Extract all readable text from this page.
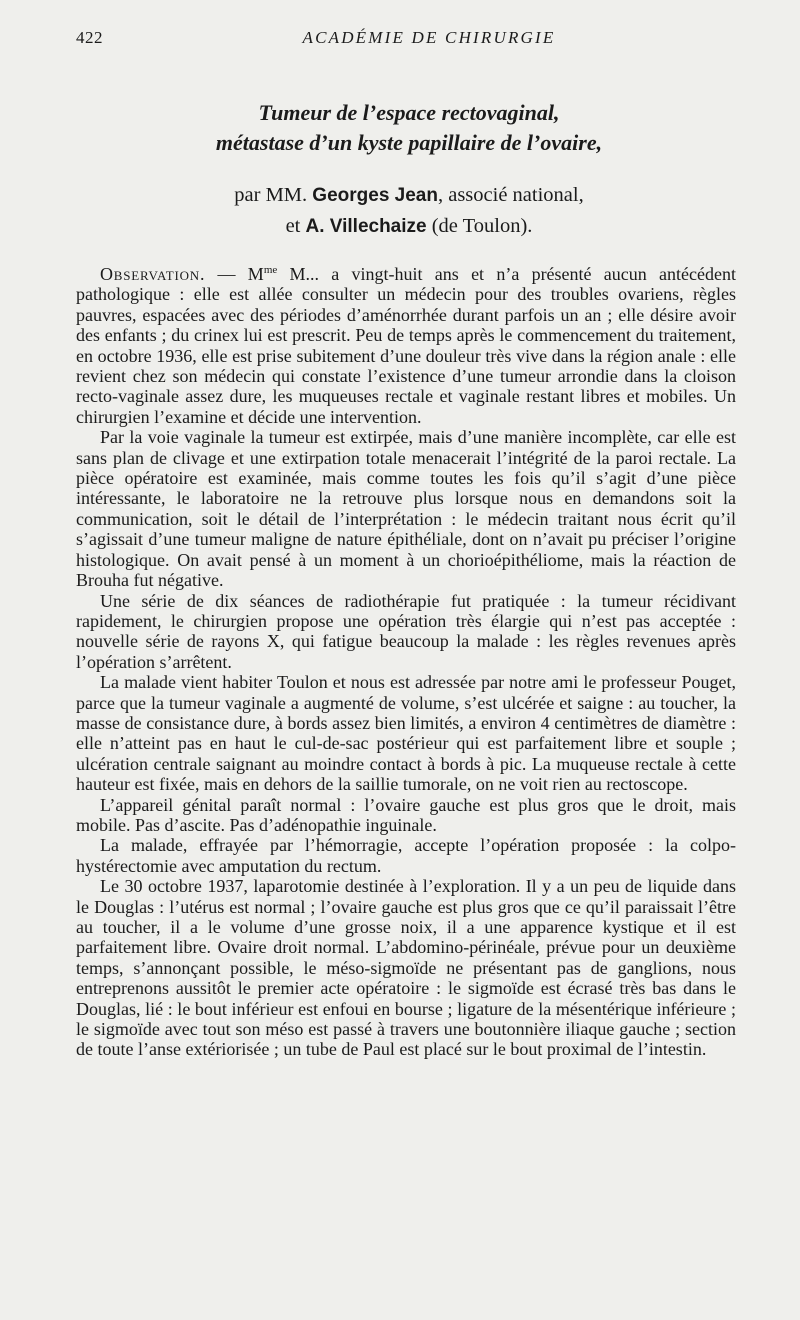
422	ACADÉMIE DE CHIRURGIE
Tumeur de l’espace rectovaginal,
métastase d’un kyste papillaire de l’ovaire,
par MM. Georges Jean, associé national,
et A. Villechaize (de Toulon).

Observation. — $M^{me}$ M... a vingt-huit ans et n’a présenté aucun antécédent pathologique : elle est allée consulter un médecin pour des troubles ovariens, règles pauvres, espacées avec des périodes d’aménorrhée durant parfois un an ; elle désire avoir des enfants ; du crinex lui est prescrit. Peu de temps après le commencement du traitement, en octobre 1936, elle est prise subitement d’une douleur très vive dans la région anale : elle revient chez son médecin qui constate l’existence d’une tumeur arrondie dans la cloison recto-vaginale assez dure, les muqueuses rectale et vaginale restant libres et mobiles. Un chirurgien l’examine et décide une intervention.

Par la voie vaginale la tumeur est extirpée, mais d’une manière incomplète, car elle est sans plan de clivage et une extirpation totale menacerait l’intégrité de la paroi rectale. La pièce opératoire est examinée, mais comme toutes les fois qu’il s’agit d’une pièce intéressante, le laboratoire ne la retrouve plus lorsque nous en demandons soit la communication, soit le détail de l’interprétation : le médecin traitant nous écrit qu’il s’agissait d’une tumeur maligne de nature épithéliale, dont on n’avait pu préciser l’origine histologique. On avait pensé à un moment à un chorioépithéliome, mais la réaction de Brouha fut négative.

Une série de dix séances de radiothérapie fut pratiquée : la tumeur récidivant rapidement, le chirurgien propose une opération très élargie qui n’est pas acceptée : nouvelle série de rayons X, qui fatigue beaucoup la malade : les règles revenues après l’opération s’arrêtent.

La malade vient habiter Toulon et nous est adressée par notre ami le professeur Pouget, parce que la tumeur vaginale a augmenté de volume, s’est ulcérée et saigne : au toucher, la masse de consistance dure, à bords assez bien limités, a environ 4 centimètres de diamètre : elle n’atteint pas en haut le cul-de-sac postérieur qui est parfaitement libre et souple ; ulcération centrale saignant au moindre contact à bords à pic. La muqueuse rectale à cette hauteur est fixée, mais en dehors de la saillie tumorale, on ne voit rien au rectoscope.

L’appareil génital paraît normal : l’ovaire gauche est plus gros que le droit, mais mobile. Pas d’ascite. Pas d’adénopathie inguinale.

La malade, effrayée par l’hémorragie, accepte l’opération proposée : la colpo-hystérectomie avec amputation du rectum.

Le 30 octobre 1937, laparotomie destinée à l’exploration. Il y a un peu de liquide dans le Douglas : l’utérus est normal ; l’ovaire gauche est plus gros que ce qu’il paraissait l’être au toucher, il a le volume d’une grosse noix, il a une apparence kystique et il est parfaitement libre. Ovaire droit normal. L’abdomino-périnéale, prévue pour un deuxième temps, s’annonçant possible, le méso-sigmoïde ne présentant pas de ganglions, nous entreprenons aussitôt le premier acte opératoire : le sigmoïde est écrasé très bas dans le Douglas, lié : le bout inférieur est enfoui en bourse ; ligature de la mésentérique inférieure ; le sigmoïde avec tout son méso est passé à travers une boutonnière iliaque gauche ; section de toute l’anse extériorisée ; un tube de Paul est placé sur le bout proximal de l’intestin.
